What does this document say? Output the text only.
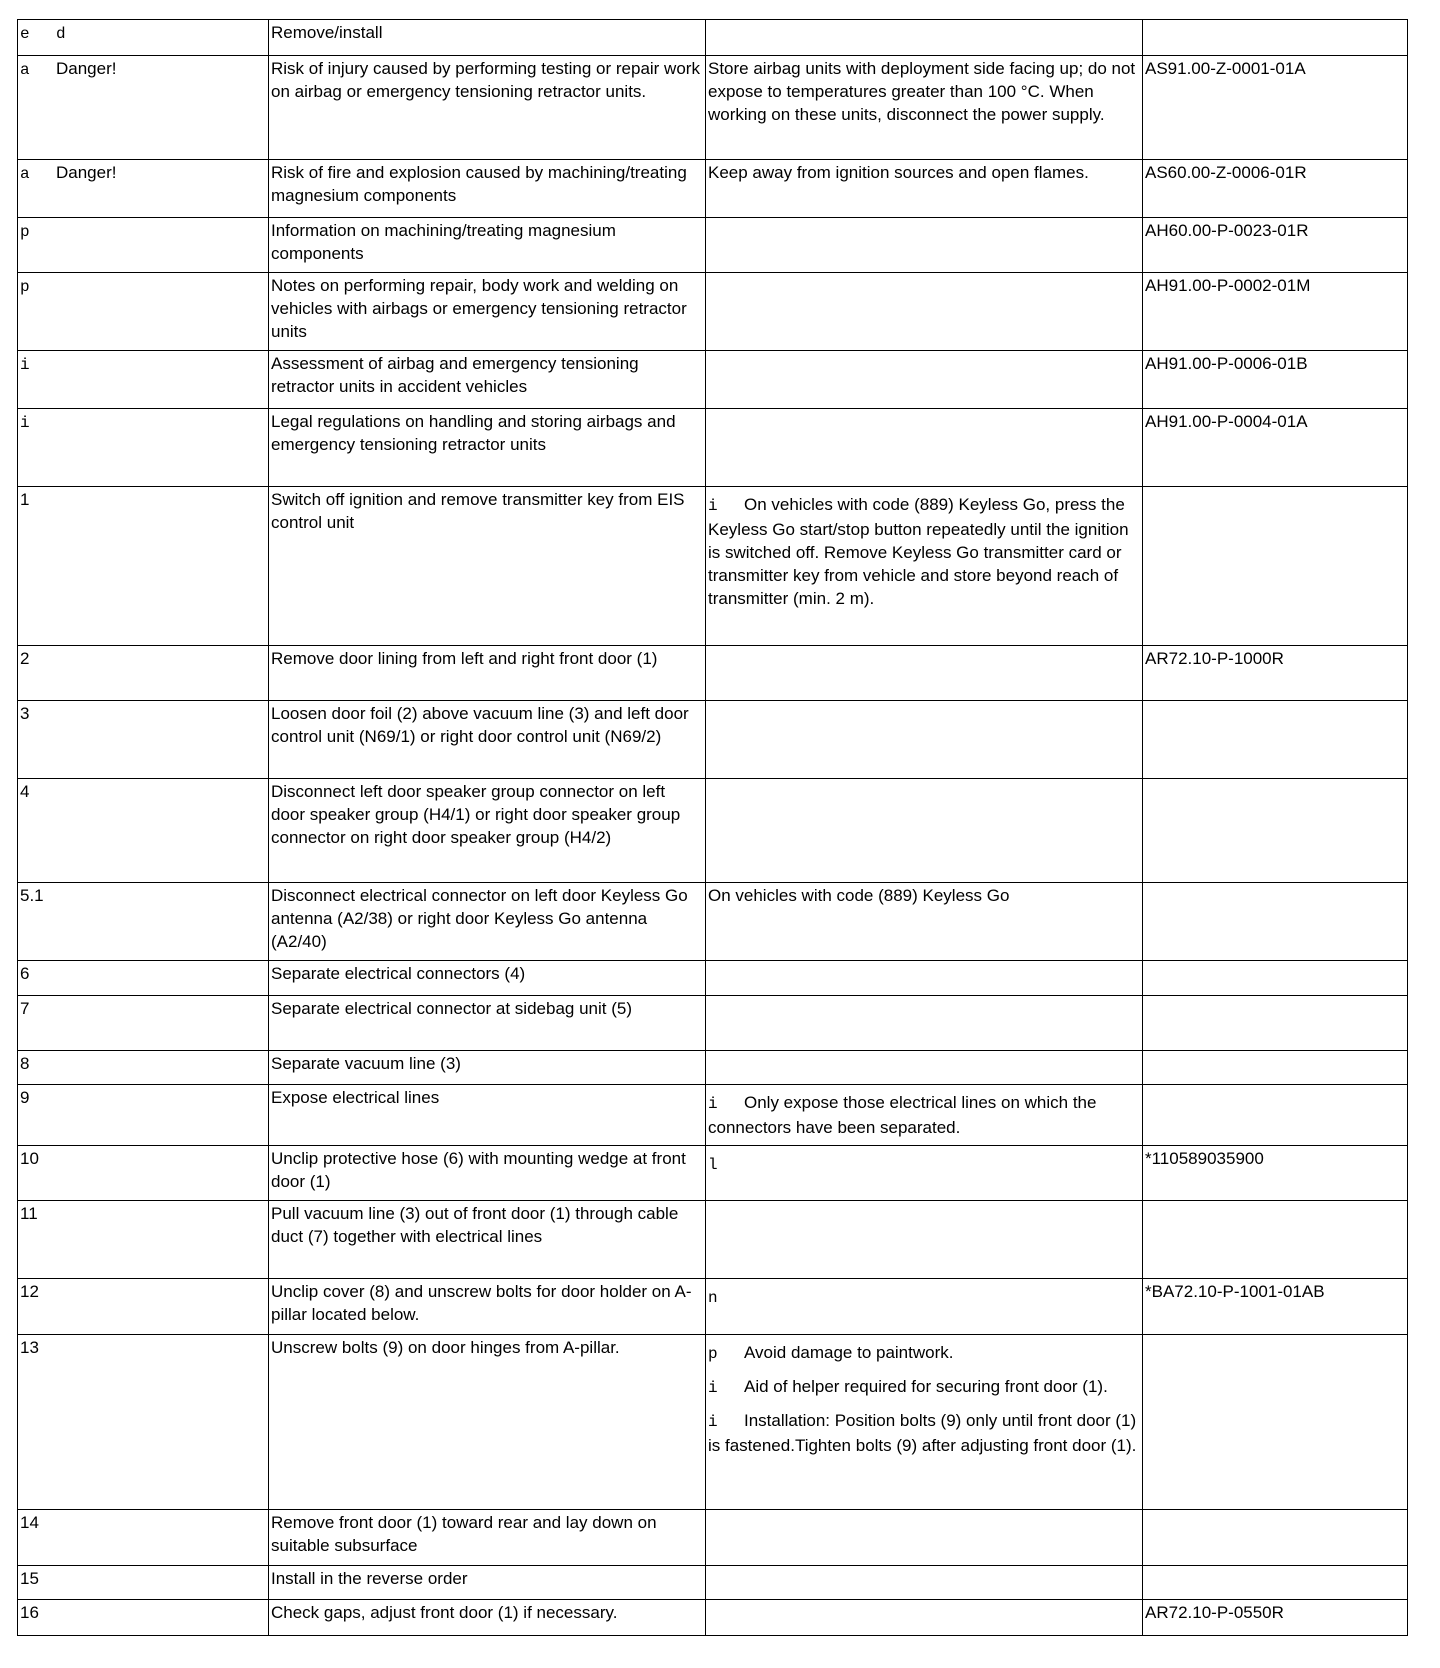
e d	Remove/install		
a Danger!	Risk of injury caused by performing testing or repair work on airbag or emergency tensioning retractor units.	Store airbag units with deployment side facing up; do not expose to temperatures greater than 100 °C. When working on these units, disconnect the power supply.	AS91.00-Z-0001-01A
a Danger!	Risk of fire and explosion caused by machining/treating magnesium components	Keep away from ignition sources and open flames.	AS60.00-Z-0006-01R
p	Information on machining/treating magnesium components		AH60.00-P-0023-01R
p	Notes on performing repair, body work and welding on vehicles with airbags or emergency tensioning retractor units		AH91.00-P-0002-01M
i	Assessment of airbag and emergency tensioning retractor units in accident vehicles		AH91.00-P-0006-01B
i	Legal regulations on handling and storing airbags and emergency tensioning retractor units		AH91.00-P-0004-01A
1	Switch off ignition and remove transmitter key from EIS control unit	i On vehicles with code (889) Keyless Go, press the Keyless Go start/stop button repeatedly until the ignition is switched off. Remove Keyless Go transmitter card or transmitter key from vehicle and store beyond reach of transmitter (min. 2 m).	

2	Remove door lining from left and right front door (1)		AR72.10-P-1000R
3	Loosen door foil (2) above vacuum line (3) and left door control unit (N69/1) or right door control unit (N69/2)		
4	Disconnect left door speaker group connector on left door speaker group (H4/1) or right door speaker group connector on right door speaker group (H4/2)		
5.1	Disconnect electrical connector on left door Keyless Go antenna (A2/38) or right door Keyless Go antenna (A2/40)	On vehicles with code (889) Keyless Go	

6	Separate electrical connectors (4)		
7	Separate electrical connector at sidebag unit (5)		
8	Separate vacuum line (3)		
9	Expose electrical lines	i Only expose those electrical lines on which the connectors have been separated.	

10	Unclip protective hose (6) with mounting wedge at front door (1)	l	*110589035900
11	Pull vacuum line (3) out of front door (1) through cable duct (7) together with electrical lines		
12	Unclip cover (8) and unscrew bolts for door holder on A-pillar located below.	n	*BA72.10-P-1001-01AB
13	Unscrew bolts (9) on door hinges from A-pillar.	p Avoid damage to paintwork.
i Aid of helper required for securing front door (1).
i Installation: Position bolts (9) only until front door (1) is fastened.Tighten bolts (9) after adjusting front door (1).	

14	Remove front door (1) toward rear and lay down on suitable subsurface		
15	Install in the reverse order		
16	Check gaps, adjust front door (1) if necessary.		AR72.10-P-0550R
